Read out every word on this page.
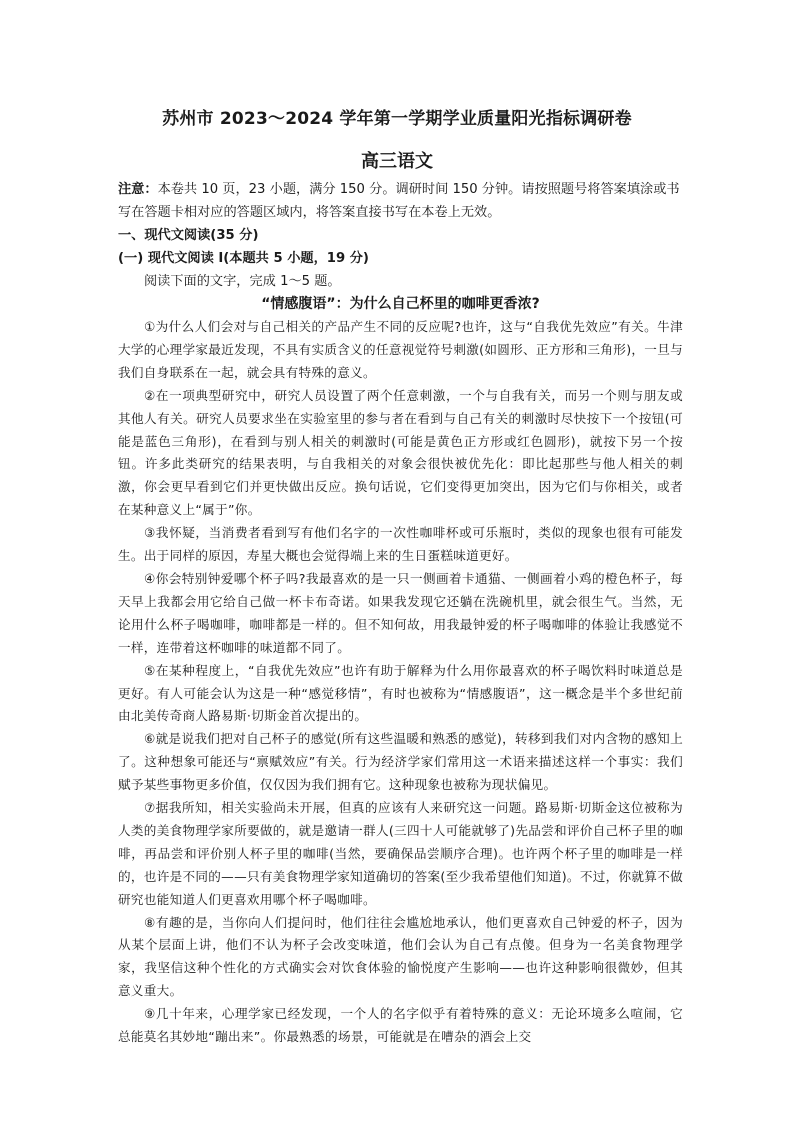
苏州市 2023～2024 学年第一学期学业质量阳光指标调研卷
高三语文
注意：本卷共 10 页，23 小题，满分 150 分。调研时间 150 分钟。请按照题号将答案填涂或书写在答题卡相对应的答题区域内，将答案直接书写在本卷上无效。
一、现代文阅读(35 分)
(一) 现代文阅读 Ⅰ(本题共 5 小题，19 分)
阅读下面的文字，完成 1～5 题。
“情感腹语”：为什么自己杯里的咖啡更香浓?

①为什么人们会对与自己相关的产品产生不同的反应呢?也许，这与“自我优先效应”有关。牛津大学的心理学家最近发现，不具有实质含义的任意视觉符号刺激(如圆形、正方形和三角形)，一旦与我们自身联系在一起，就会具有特殊的意义。

②在一项典型研究中，研究人员设置了两个任意刺激，一个与自我有关，而另一个则与朋友或其他人有关。研究人员要求坐在实验室里的参与者在看到与自己有关的刺激时尽快按下一个按钮(可能是蓝色三角形)，在看到与别人相关的刺激时(可能是黄色正方形或红色圆形)，就按下另一个按钮。许多此类研究的结果表明，与自我相关的对象会很快被优先化：即比起那些与他人相关的刺激，你会更早看到它们并更快做出反应。换句话说，它们变得更加突出，因为它们与你相关，或者在某种意义上“属于”你。

③我怀疑，当消费者看到写有他们名字的一次性咖啡杯或可乐瓶时，类似的现象也很有可能发生。出于同样的原因，寿星大概也会觉得端上来的生日蛋糕味道更好。

④你会特别钟爱哪个杯子吗?我最喜欢的是一只一侧画着卡通猫、一侧画着小鸡的橙色杯子，每天早上我都会用它给自己做一杯卡布奇诺。如果我发现它还躺在洗碗机里，就会很生气。当然，无论用什么杯子喝咖啡，咖啡都是一样的。但不知何故，用我最钟爱的杯子喝咖啡的体验让我感觉不一样，连带着这杯咖啡的味道都不同了。

⑤在某种程度上，“自我优先效应”也许有助于解释为什么用你最喜欢的杯子喝饮料时味道总是更好。有人可能会认为这是一种“感觉移情”，有时也被称为“情感腹语”，这一概念是半个多世纪前由北美传奇商人路易斯·切斯金首次提出的。

⑥就是说我们把对自己杯子的感觉(所有这些温暖和熟悉的感觉)，转移到我们对内含物的感知上了。这种想象可能还与“禀赋效应”有关。行为经济学家们常用这一术语来描述这样一个事实：我们赋予某些事物更多价值，仅仅因为我们拥有它。这种现象也被称为现状偏见。

⑦据我所知，相关实验尚未开展，但真的应该有人来研究这一问题。路易斯·切斯金这位被称为人类的美食物理学家所要做的，就是邀请一群人(三四十人可能就够了)先品尝和评价自己杯子里的咖啡，再品尝和评价别人杯子里的咖啡(当然，要确保品尝顺序合理)。也许两个杯子里的咖啡是一样的，也许是不同的——只有美食物理学家知道确切的答案(至少我希望他们知道)。不过，你就算不做研究也能知道人们更喜欢用哪个杯子喝咖啡。

⑧有趣的是，当你向人们提问时，他们往往会尴尬地承认，他们更喜欢自己钟爱的杯子，因为从某个层面上讲，他们不认为杯子会改变味道，他们会认为自己有点傻。但身为一名美食物理学家，我坚信这种个性化的方式确实会对饮食体验的愉悦度产生影响——也许这种影响很微妙，但其意义重大。

⑨几十年来，心理学家已经发现，一个人的名字似乎有着特殊的意义：无论环境多么喧闹，它总能莫名其妙地“蹦出来”。你最熟悉的场景，可能就是在嘈杂的酒会上交
